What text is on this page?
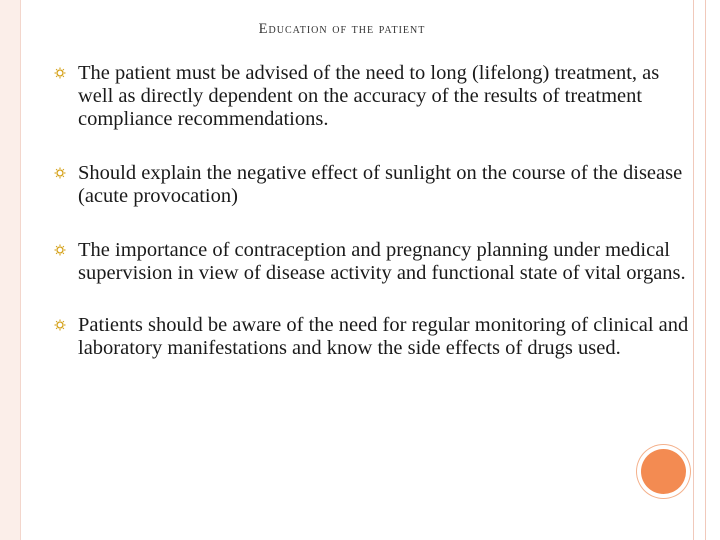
Education of the patient
The patient must be advised of the need to long (lifelong) treatment, as well as directly dependent on the accuracy of the results of treatment compliance recommendations.
Should explain the negative effect of sunlight on the course of the disease (acute provocation)
The importance of contraception and pregnancy planning under medical supervision in view of disease activity and functional state of vital organs.
Patients should be aware of the need for regular monitoring of clinical and laboratory manifestations and know the side effects of drugs used.
